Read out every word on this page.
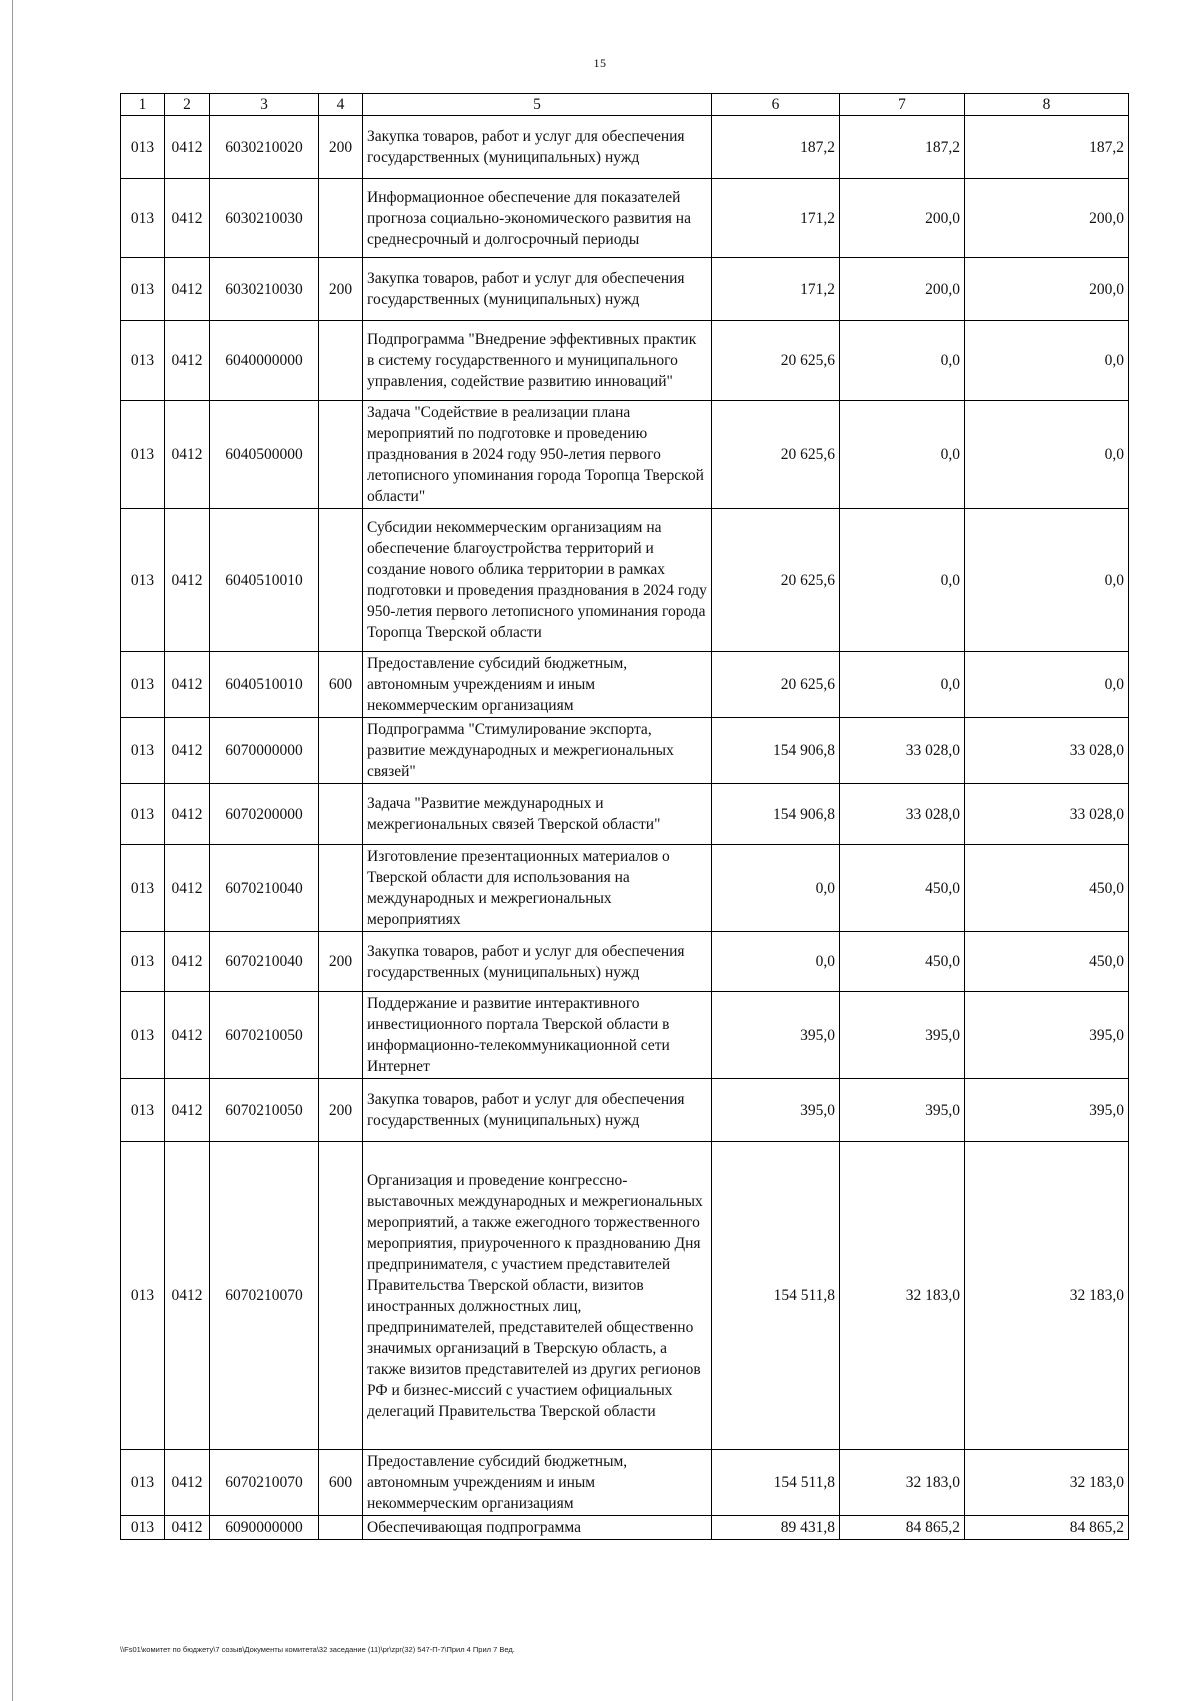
15
1	2	3	4	5	6	7	8
013	0412	6030210020	200	Закупка товаров, работ и услуг для обеспечения государственных (муниципальных) нужд	187,2	187,2	187,2
013	0412	6030210030		Информационное обеспечение для показателей прогноза социально-экономического развития на среднесрочный и долгосрочный периоды	171,2	200,0	200,0
013	0412	6030210030	200	Закупка товаров, работ и услуг для обеспечения государственных (муниципальных) нужд	171,2	200,0	200,0
013	0412	6040000000		Подпрограмма "Внедрение эффективных практик в систему государственного и муниципального управления, содействие развитию инноваций"	20 625,6	0,0	0,0
013	0412	6040500000		Задача "Содействие в реализации плана мероприятий по подготовке и проведению празднования в 2024 году 950-летия первого летописного упоминания города Торопца Тверской области"	20 625,6	0,0	0,0
013	0412	6040510010		Субсидии некоммерческим организациям на обеспечение благоустройства территорий и создание нового облика территории в рамках подготовки и проведения празднования в 2024 году 950-летия первого летописного упоминания города Торопца Тверской области	20 625,6	0,0	0,0
013	0412	6040510010	600	Предоставление субсидий бюджетным, автономным учреждениям и иным некоммерческим организациям	20 625,6	0,0	0,0
013	0412	6070000000		Подпрограмма "Стимулирование экспорта, развитие международных и межрегиональных связей"	154 906,8	33 028,0	33 028,0
013	0412	6070200000		Задача "Развитие международных и межрегиональных связей Тверской области"	154 906,8	33 028,0	33 028,0
013	0412	6070210040		Изготовление презентационных материалов о Тверской области для использования на международных и межрегиональных мероприятиях	0,0	450,0	450,0
013	0412	6070210040	200	Закупка товаров, работ и услуг для обеспечения государственных (муниципальных) нужд	0,0	450,0	450,0
013	0412	6070210050		Поддержание и развитие интерактивного инвестиционного портала Тверской области в информационно-телекоммуникационной сети Интернет	395,0	395,0	395,0
013	0412	6070210050	200	Закупка товаров, работ и услуг для обеспечения государственных (муниципальных) нужд	395,0	395,0	395,0
013	0412	6070210070		Организация и проведение конгрессно-выставочных международных и межрегиональных мероприятий, а также ежегодного торжественного мероприятия, приуроченного к празднованию Дня предпринимателя, с участием представителей Правительства Тверской области, визитов иностранных должностных лиц, предпринимателей, представителей общественно значимых организаций в Тверскую область, а также визитов представителей из других регионов РФ и бизнес-миссий с участием официальных делегаций Правительства Тверской области	154 511,8	32 183,0	32 183,0
013	0412	6070210070	600	Предоставление субсидий бюджетным, автономным учреждениям и иным некоммерческим организациям	154 511,8	32 183,0	32 183,0
013	0412	6090000000		Обеспечивающая подпрограмма	89 431,8	84 865,2	84 865,2
\\Fs01\комитет по бюджету\7 созыв\Документы комитета\32 заседание (11)\pr\zpr(32) 547-П-7\Прил 4 Прил 7 Вед.
